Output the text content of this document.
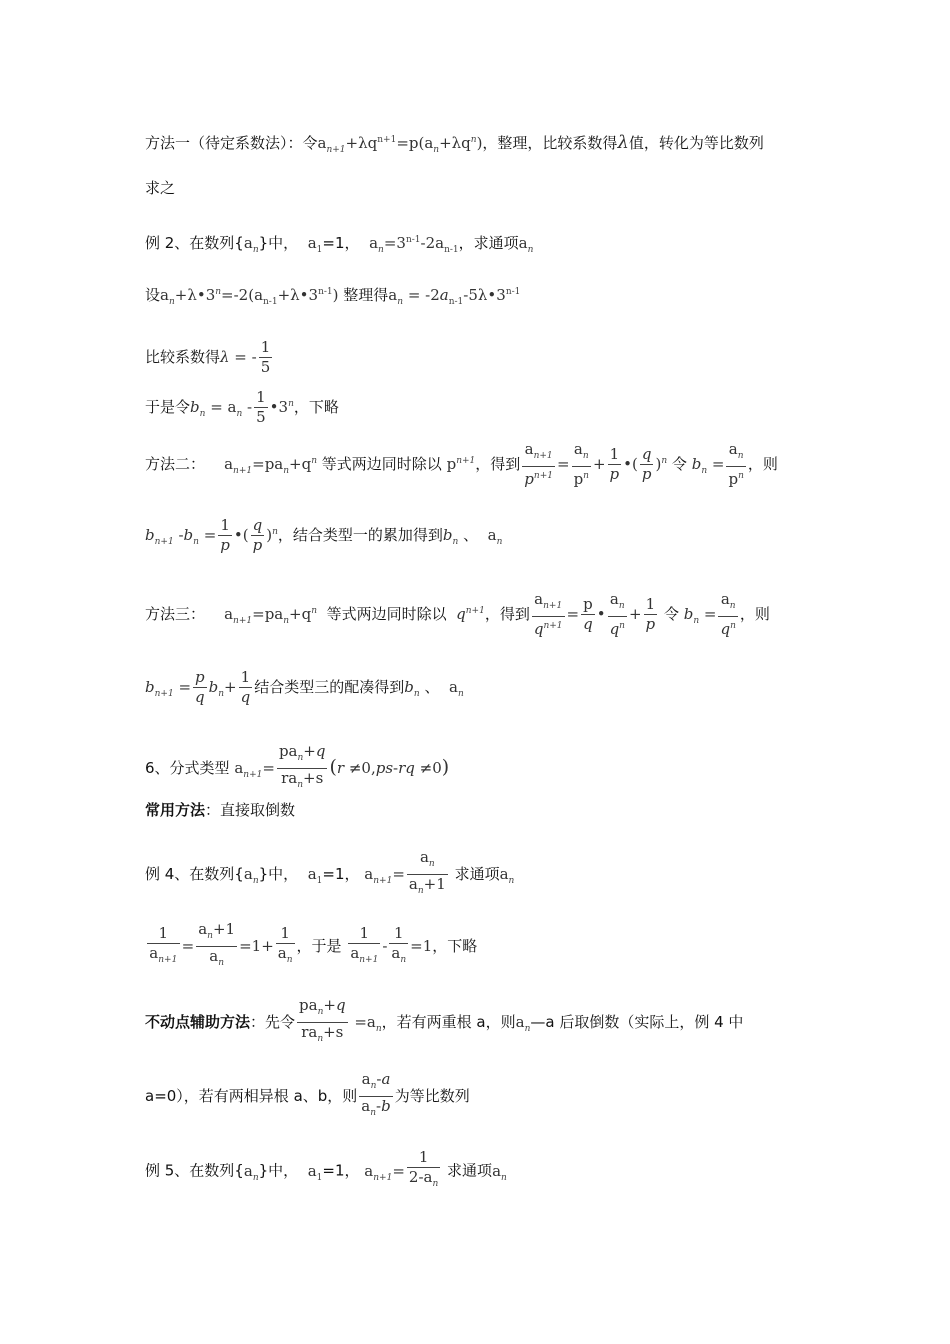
方法一（待定系数法）：令$a_{n+1}+\lambda q^{n+1}=p(a_n+\lambda q^n)$，整理，比较系数得λ值，转化为等比数列
求之
例 2、在数列$\{a_n\}$中， $a_1=1$， $a_n=3^{n-1}-2a_{n-1}$，求通项$a_n$
设$a_n+\lambda•3^n=-2(a_{n-1}+\lambda•3^{n-1})$ 整理得$a_n$ = $-2a_{n-1}-5\lambda•3^{n-1}$
比较系数得λ = - $\frac{1}{5}$
于是令$b_n = a_n - \frac{1}{5}$ •3$^n$，下略
方法二： $a_{n+1}=pa_n+q^n$ 等式两边同时除以 $p^{n+1}$，得到 $\frac{a_{n+1}}{p^{n+1}} = \frac{a_n}{p^n} + \frac{1}{p}$ •( $\frac{q}{p} )^n$ 令 $b_n = \frac{a_n}{p^n}$ ，则
$b_{n+1}$ $-b_n = \frac{1}{p}$ •( $\frac{q}{p} )^n$，结合类型一的累加得到$b_n$ 、 $a_n$
方法三： $a_{n+1}=pa_n+q^n$ 等式两边同时除以 $q^{n+1}$，得到 $\frac{a_{n+1}}{q^{n+1}} = \frac{p}{q}$ • $\frac{a_n}{q^n} + \frac{1}{p}$ 令 $b_n = \frac{a_n}{q^n}$ ，则
$b_{n+1} = \frac{p}{q} b_n+ \frac{1}{q}$ 结合类型三的配凑得到$b_n$ 、 $a_n$
6、分式类型 $a_{n+1}= \frac{pa_n+q}{ra_n+s} (r \ne 0,ps-rq \ne 0)$
常用方法：直接取倒数
例 4、在数列$\{a_n\}$中， $a_1=1$， $a_{n+1}= \frac{a_n}{a_n+1}$ 求通项$a_n$
$\frac{1}{a_{n+1}} = \frac{a_n+1}{a_n} =1+ \frac{1}{a_n}$ ，于是 $\frac{1}{a_{n+1}} - \frac{1}{a_n} =1$，下略
不动点辅助方法：先令 $\frac{pa_n+q}{ra_n+s} =a_n$，若有两重根 a，则$a_n—a$ 后取倒数（实际上，例 4 中
a=0），若有两相异根 a、b，则 $\frac{a_n-a}{a_n-b}$ 为等比数列
例 5、在数列$\{a_n\}$中， $a_1=1$， $a_{n+1}= \frac{1}{2-a_n}$ 求通项$a_n$
